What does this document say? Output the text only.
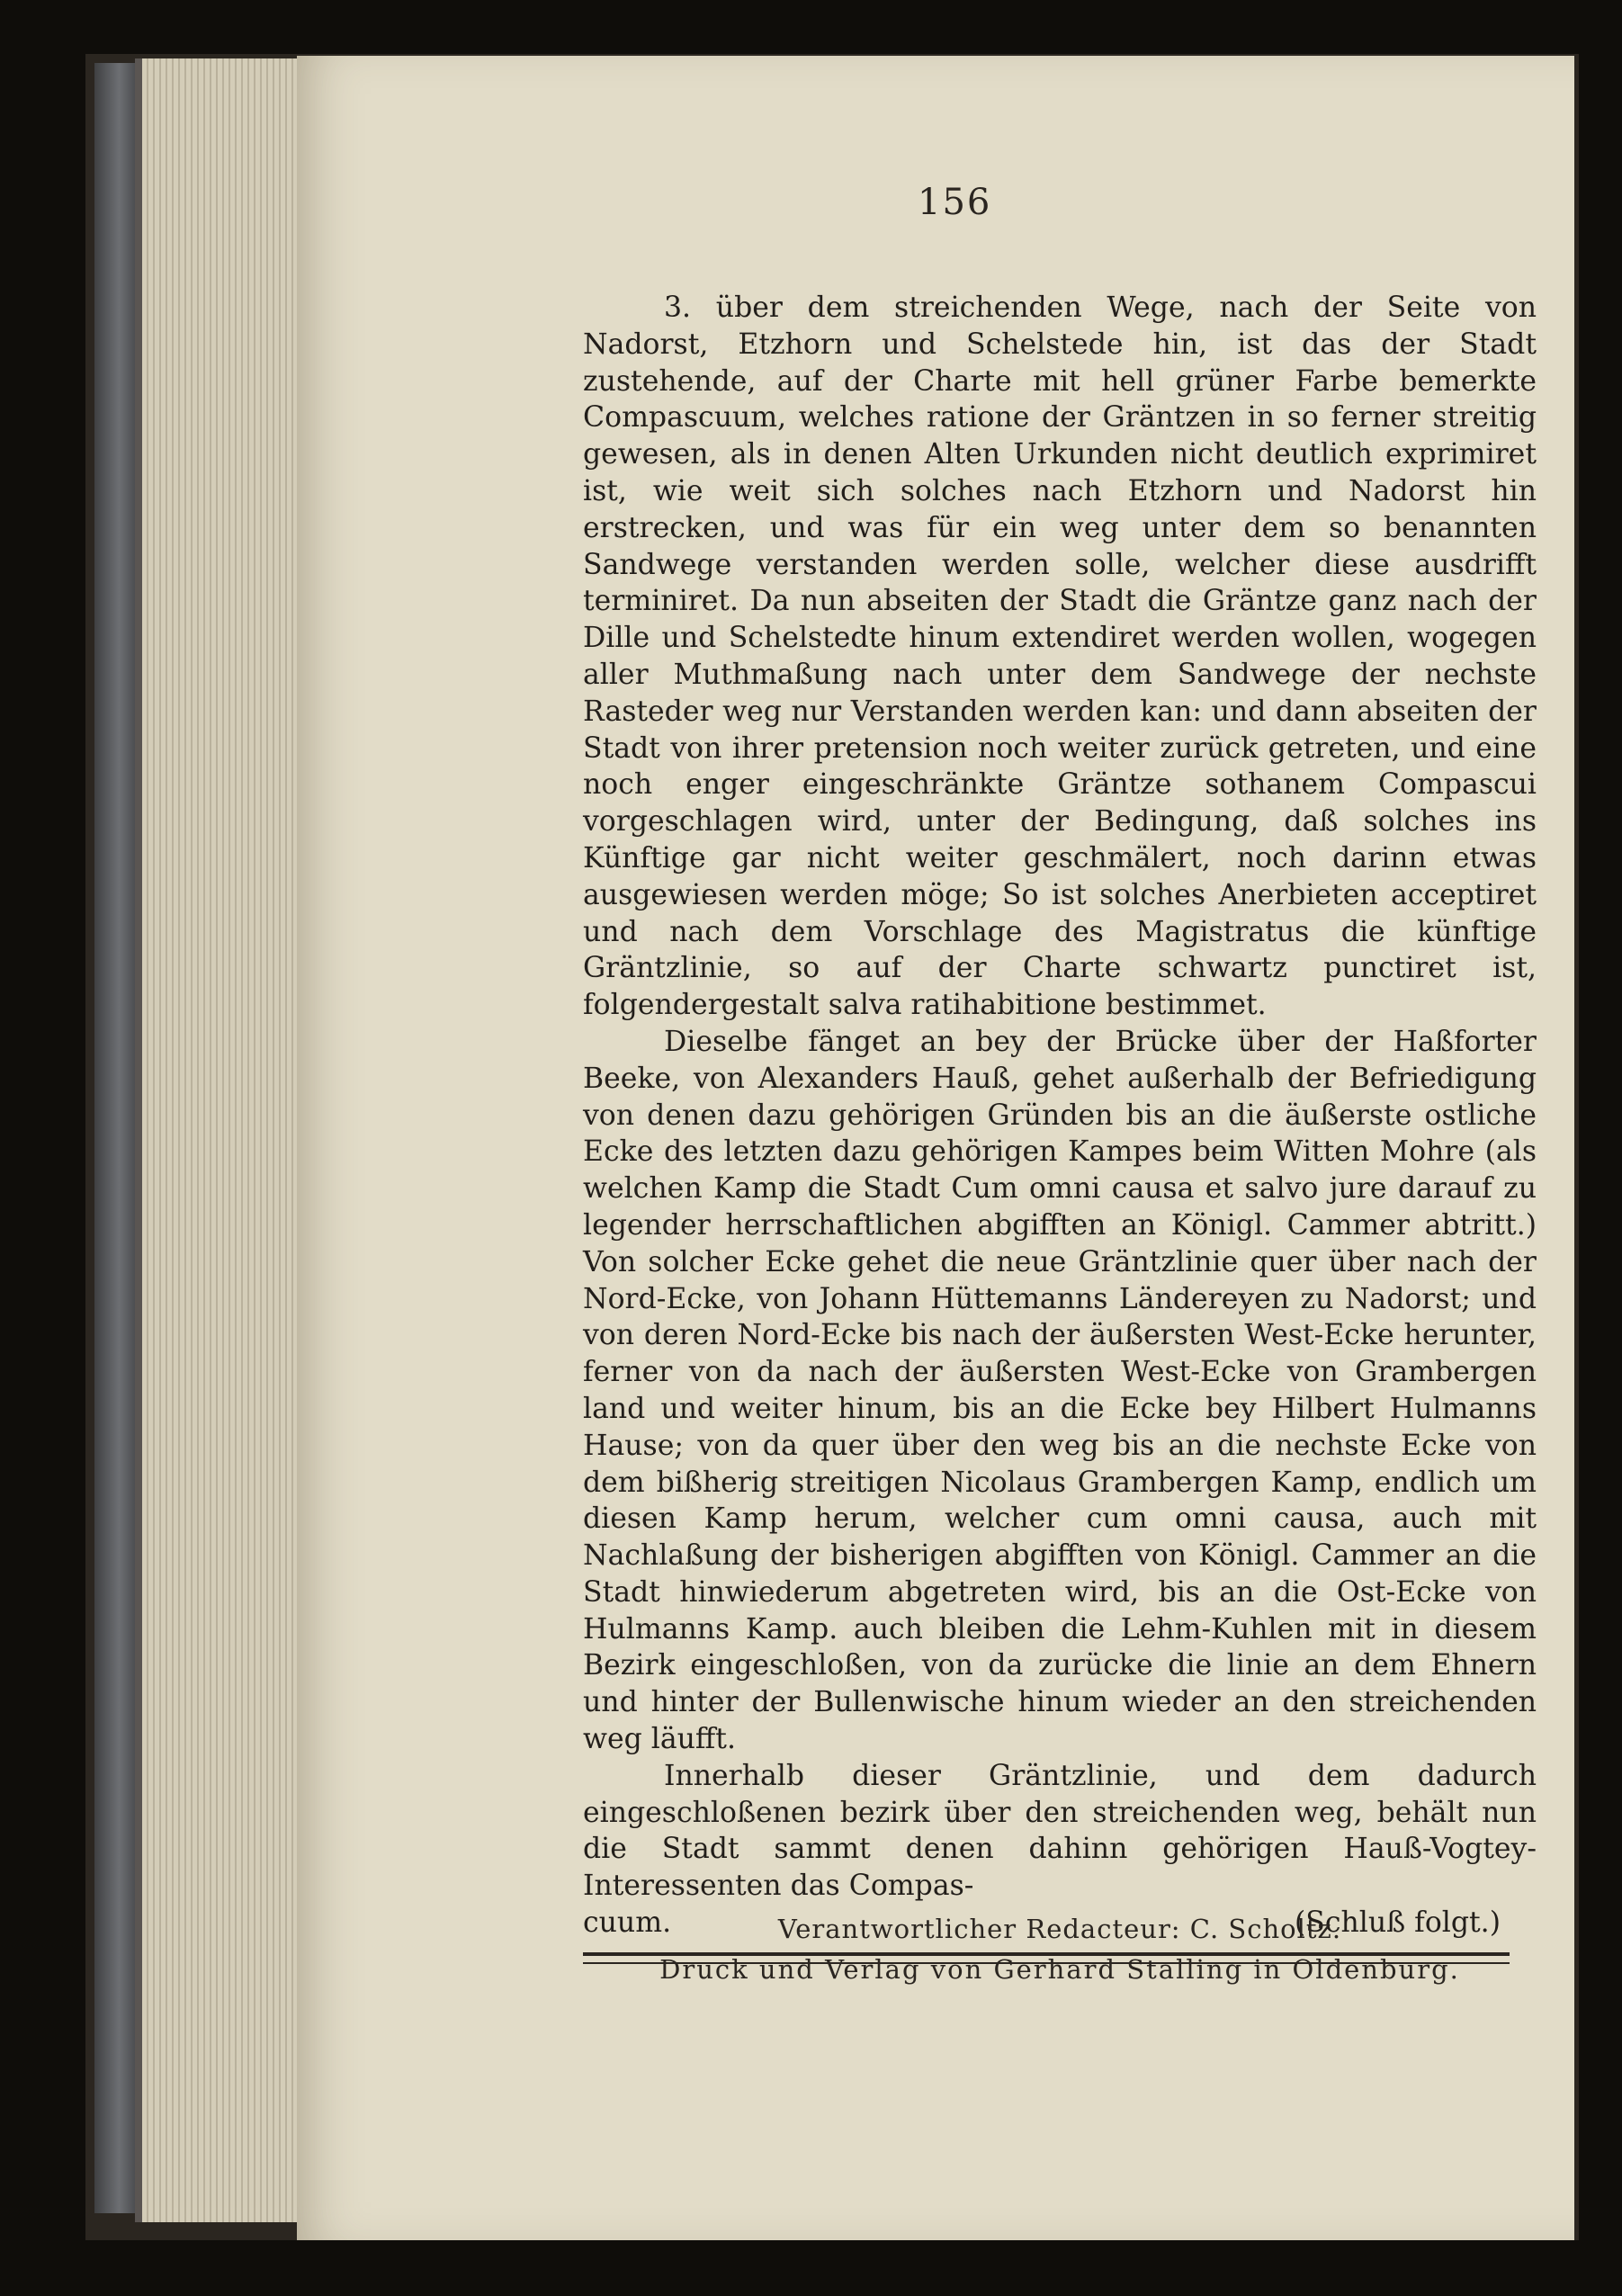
156

3. über dem streichenden Wege, nach der Seite von Nadorst, Etzhorn und Schelstede hin, ist das der Stadt zustehende, auf der Charte mit hell grüner Farbe bemerkte Compascuum, welches ratione der Gräntzen in so ferner streitig gewesen, als in denen Alten Urkunden nicht deutlich exprimiret ist, wie weit sich solches nach Etzhorn und Nadorst hin erstrecken, und was für ein weg unter dem so benannten Sandwege verstanden werden solle, welcher diese ausdrifft terminiret. Da nun abseiten der Stadt die Gräntze ganz nach der Dille und Schelstedte hinum extendiret werden wollen, wogegen aller Muthmaßung nach unter dem Sandwege der nechste Rasteder weg nur Verstanden werden kan: und dann abseiten der Stadt von ihrer pretension noch weiter zurück getreten, und eine noch enger eingeschränkte Gräntze sothanem Compascui vorgeschlagen wird, unter der Bedingung, daß solches ins Künftige gar nicht weiter geschmälert, noch darinn etwas ausgewiesen werden möge; So ist solches Anerbieten acceptiret und nach dem Vorschlage des Magistratus die künftige Gräntzlinie, so auf der Charte schwartz punctiret ist, folgendergestalt salva ratihabitione bestimmet.

Dieselbe fänget an bey der Brücke über der Haßforter Beeke, von Alexanders Hauß, gehet außerhalb der Befriedigung von denen dazu gehörigen Gründen bis an die äußerste ostliche Ecke des letzten dazu gehörigen Kampes beim Witten Mohre (als welchen Kamp die Stadt Cum omni causa et salvo jure darauf zu legender herrschaftlichen abgifften an Königl. Cammer abtritt.) Von solcher Ecke gehet die neue Gräntzlinie quer über nach der Nord-Ecke, von Johann Hüttemanns Ländereyen zu Nadorst; und von deren Nord-Ecke bis nach der äußersten West-Ecke herunter, ferner von da nach der äußersten West-Ecke von Grambergen land und weiter hinum, bis an die Ecke bey Hilbert Hulmanns Hause; von da quer über den weg bis an die nechste Ecke von dem bißherig streitigen Nicolaus Grambergen Kamp, endlich um diesen Kamp herum, welcher cum omni causa, auch mit Nachlaßung der bisherigen abgifften von Königl. Cammer an die Stadt hinwiederum abgetreten wird, bis an die Ost-Ecke von Hulmanns Kamp. auch bleiben die Lehm-Kuhlen mit in diesem Bezirk eingeschloßen, von da zurücke die linie an dem Ehnern und hinter der Bullenwische hinum wieder an den streichenden weg läufft.

Innerhalb dieser Gräntzlinie, und dem dadurch eingeschloßenen bezirk über den streichenden weg, behält nun die Stadt sammt denen dahinn gehörigen Hauß-Vogtey-Interessenten das Compas-

cuum.	(Schluß folgt.)
Verantwortlicher Redacteur: C. Scholtz.
Druck und Verlag von Gerhard Stalling in Oldenburg.
